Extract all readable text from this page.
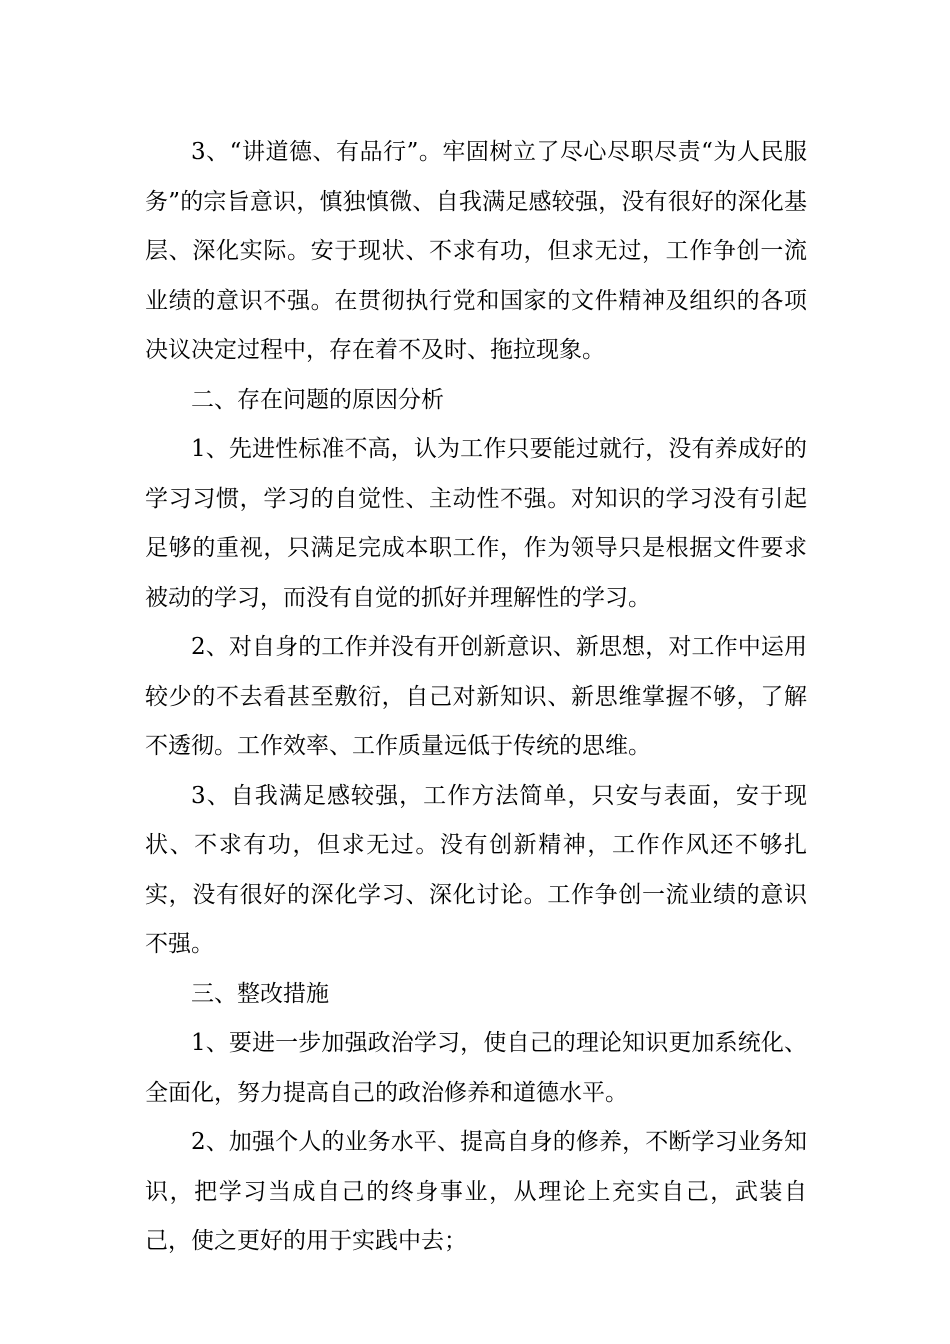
3、“讲道德、有品行”。牢固树立了尽心尽职尽责“为人民服务”的宗旨意识，慎独慎微、自我满足感较强，没有很好的深化基层、深化实际。安于现状、不求有功，但求无过，工作争创一流业绩的意识不强。在贯彻执行党和国家的文件精神及组织的各项决议决定过程中，存在着不及时、拖拉现象。

二、存在问题的原因分析

1、先进性标准不高，认为工作只要能过就行，没有养成好的学习习惯，学习的自觉性、主动性不强。对知识的学习没有引起足够的重视，只满足完成本职工作，作为领导只是根据文件要求被动的学习，而没有自觉的抓好并理解性的学习。

2、对自身的工作并没有开创新意识、新思想，对工作中运用较少的不去看甚至敷衍，自己对新知识、新思维掌握不够，了解不透彻。工作效率、工作质量远低于传统的思维。

3、自我满足感较强，工作方法简单，只安与表面，安于现状、不求有功，但求无过。没有创新精神，工作作风还不够扎实，没有很好的深化学习、深化讨论。工作争创一流业绩的意识不强。

三、整改措施

1、要进一步加强政治学习，使自己的理论知识更加系统化、全面化，努力提高自己的政治修养和道德水平。

2、加强个人的业务水平、提高自身的修养，不断学习业务知识，把学习当成自己的终身事业，从理论上充实自己，武装自己，使之更好的用于实践中去；
